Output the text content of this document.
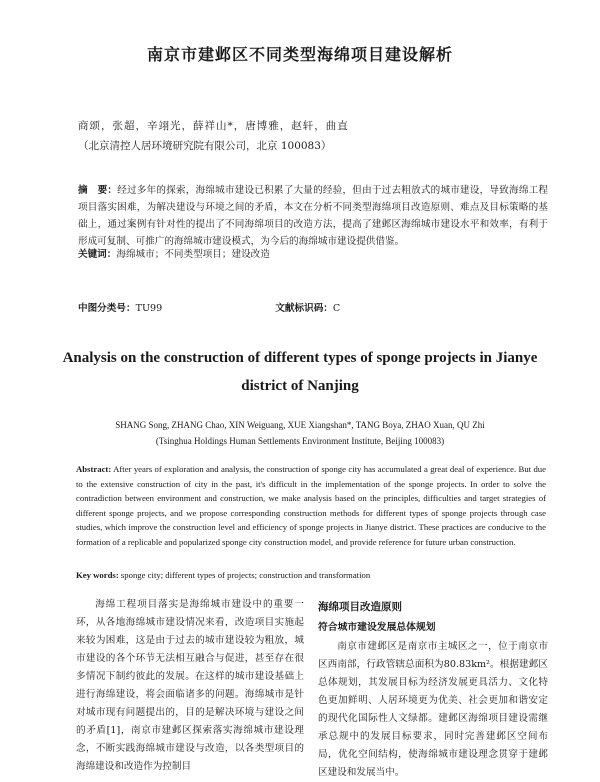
南京市建邺区不同类型海绵项目建设解析
商颂，张超，辛翊光，薛祥山*，唐博雅，赵轩，曲直
（北京清控人居环境研究院有限公司，北京 100083）
摘　要：经过多年的探索，海绵城市建设已积累了大量的经验，但由于过去粗放式的城市建设，导致海绵工程项目落实困难，为解决建设与环境之间的矛盾，本文在分析不同类型海绵项目改造原则、难点及目标策略的基础上，通过案例有针对性的提出了不同海绵项目的改造方法，提高了建邺区海绵城市建设水平和效率，有利于形成可复制、可推广的海绵城市建设模式，为今后的海绵城市建设提供借鉴。
关键词：海绵城市；不同类型项目；建设改造
中图分类号：TU99	文献标识码：C
Analysis on the construction of different types of sponge projects in Jianye
district of Nanjing
SHANG Song, ZHANG Chao, XIN Weiguang, XUE Xiangshan*, TANG Boya, ZHAO Xuan, QU Zhi
(Tsinghua Holdings Human Settlements Environment Institute, Beijing 100083)
Abstract: After years of exploration and analysis, the construction of sponge city has accumulated a great deal of experience. But due to the extensive construction of city in the past, it's difficult in the implementation of the sponge projects. In order to solve the contradiction between environment and construction, we make analysis based on the principles, difficulties and target strategies of different sponge projects, and we propose corresponding construction methods for different types of sponge projects through case studies, which improve the construction level and efficiency of sponge projects in Jianye district. These practices are conducive to the formation of a replicable and popularized sponge city construction model, and provide reference for future urban construction.
Key words: sponge city; different types of projects; construction and transformation
海绵工程项目落实是海绵城市建设中的重要一环，从各地海绵城市建设情况来看，改造项目实施起来较为困难，这是由于过去的城市建设较为粗放，城市建设的各个环节无法相互融合与促进，甚至存在很多情况下制约彼此的发展。在这样的城市建设基础上进行海绵建设，将会面临诸多的问题。海绵城市是针对城市现有问题提出的，目的是解决环境与建设之间的矛盾[1]，南京市建邺区探索落实海绵城市建设理念，不断实践海绵城市建设与改造，以各类型项目的海绵建设和改造作为控制目
海绵项目改造原则
符合城市建设发展总体规划
南京市建邺区是南京市主城区之一，位于南京市区西南部，行政管辖总面积为80.83km²。根据建邺区总体规划，其发展目标为经济发展更具活力、文化特色更加鲜明、人居环境更为优美、社会更加和谐安定的现代化国际性人文绿都。建邺区海绵项目建设需继承总规中的发展目标要求，同时完善建邺区空间布局，优化空间结构，使海绵城市建设理念贯穿于建邺区建设和发展当中。
